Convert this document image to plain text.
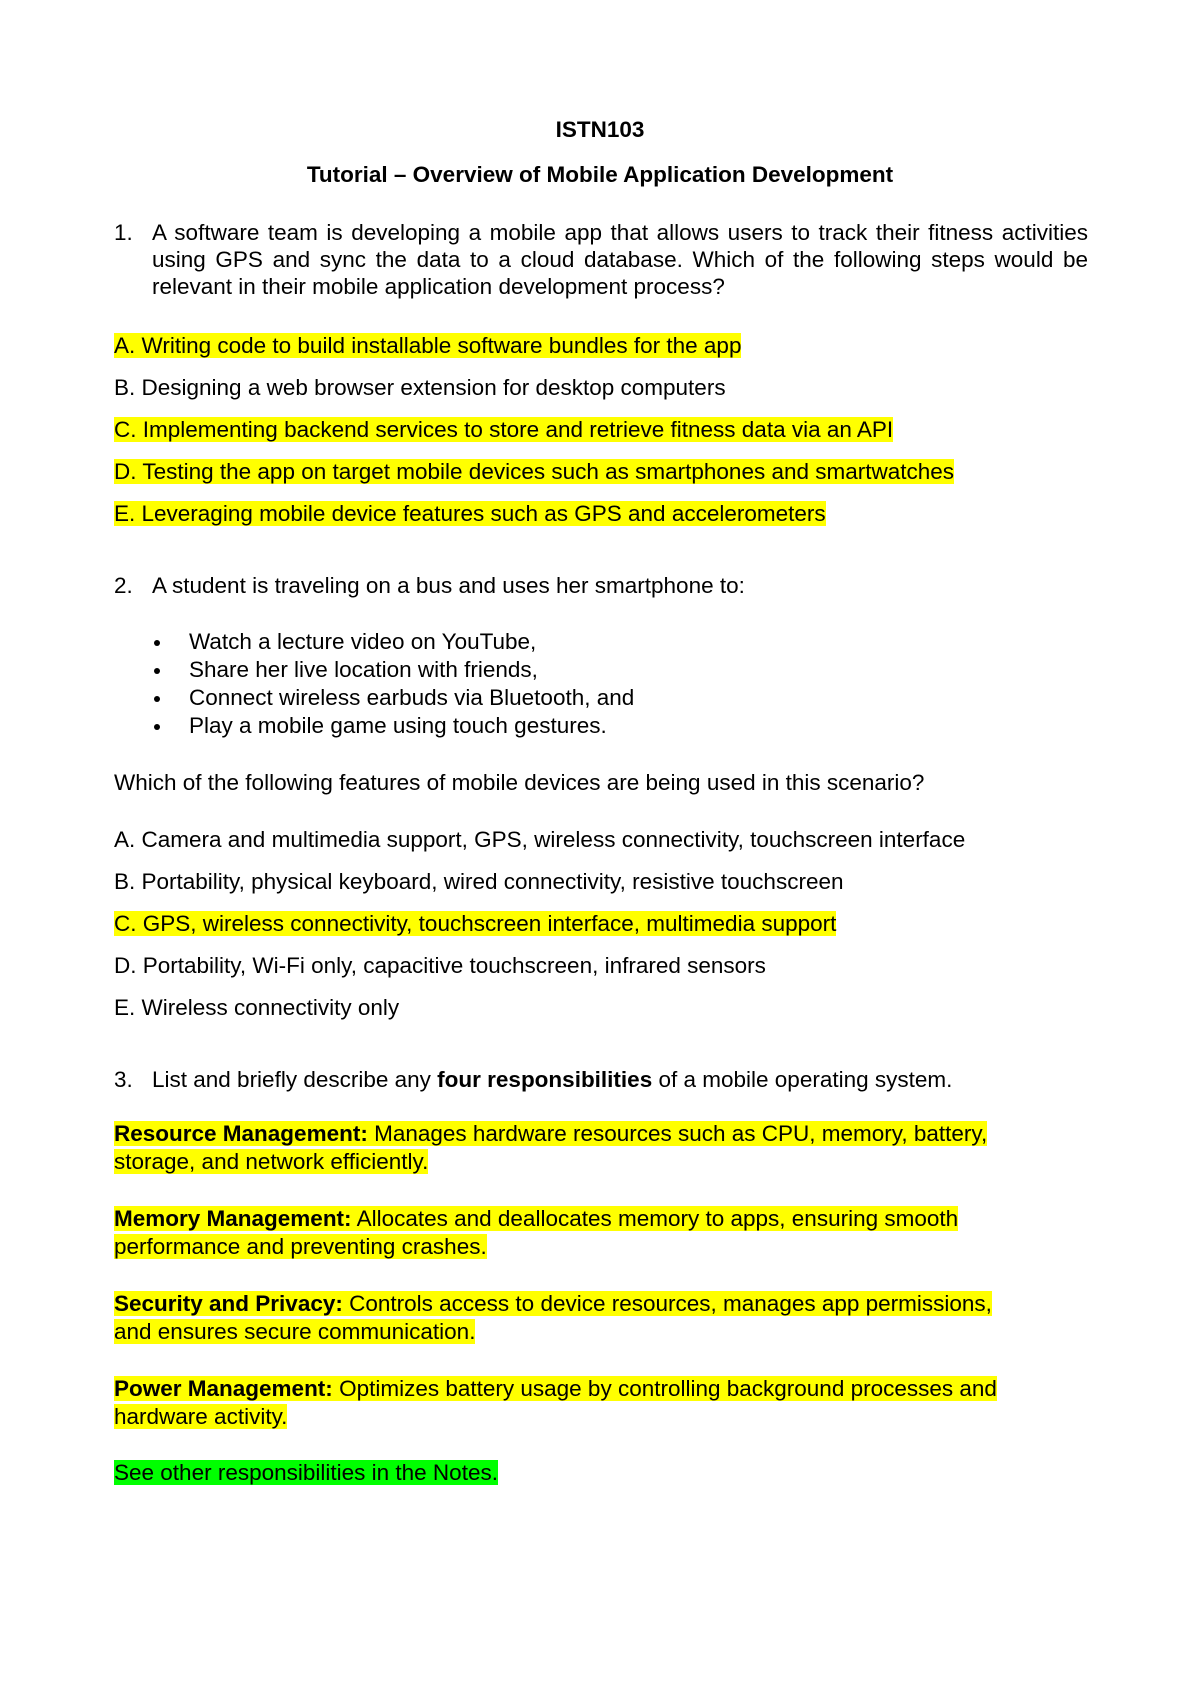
ISTN103
Tutorial – Overview of Mobile Application Development
1. A software team is developing a mobile app that allows users to track their fitness activities using GPS and sync the data to a cloud database. Which of the following steps would be relevant in their mobile application development process?
A. Writing code to build installable software bundles for the app
B. Designing a web browser extension for desktop computers
C. Implementing backend services to store and retrieve fitness data via an API
D. Testing the app on target mobile devices such as smartphones and smartwatches
E. Leveraging mobile device features such as GPS and accelerometers
2. A student is traveling on a bus and uses her smartphone to:
Watch a lecture video on YouTube,
Share her live location with friends,
Connect wireless earbuds via Bluetooth, and
Play a mobile game using touch gestures.
Which of the following features of mobile devices are being used in this scenario?
A. Camera and multimedia support, GPS, wireless connectivity, touchscreen interface
B. Portability, physical keyboard, wired connectivity, resistive touchscreen
C. GPS, wireless connectivity, touchscreen interface, multimedia support
D. Portability, Wi-Fi only, capacitive touchscreen, infrared sensors
E. Wireless connectivity only
3. List and briefly describe any four responsibilities of a mobile operating system.
Resource Management: Manages hardware resources such as CPU, memory, battery,
storage, and network efficiently.
Memory Management: Allocates and deallocates memory to apps, ensuring smooth
performance and preventing crashes.
Security and Privacy: Controls access to device resources, manages app permissions,
and ensures secure communication.
Power Management: Optimizes battery usage by controlling background processes and
hardware activity.
See other responsibilities in the Notes.
